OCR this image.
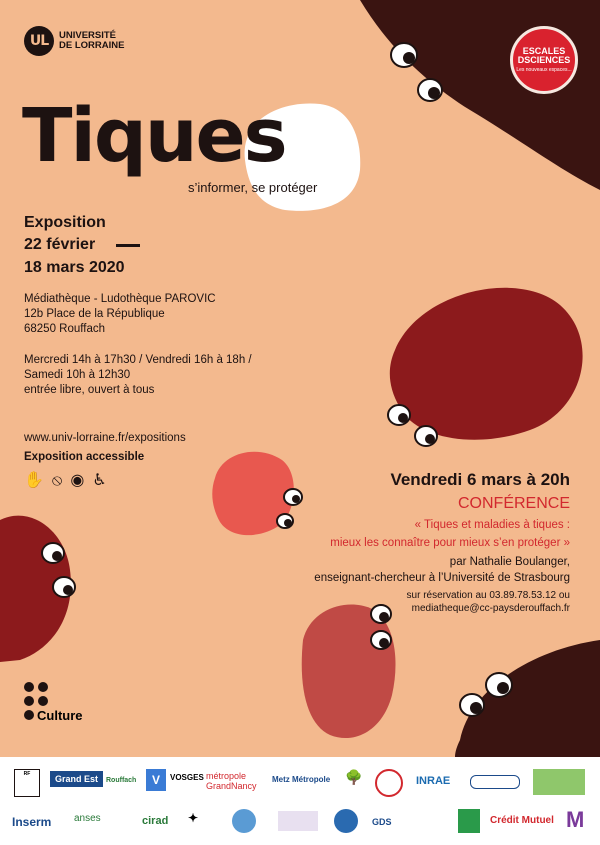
UL	UNIVERSITÉ
DE LORRAINE	ESCALES
DSCIENCES
Les nouveaux espaces...
Tiques

s’informer, se protéger

Exposition

22 février

18 mars 2020

Médiathèque - Ludothèque PAROVIC

12b Place de la République

68250 Rouffach

Mercredi 14h à 17h30 / Vendredi 16h à 18h /

Samedi 10h à 12h30

entrée libre, ouvert à tous

www.univ-lorraine.fr/expositions

Exposition accessible

✋ ⦸ ◉ ♿	Vendredi 6 mars à 20h

CONFÉRENCE

« Tiques et maladies à tiques :

mieux les connaître pour mieux s’en protéger »

par Nathalie Boulanger,

enseignant-chercheur à l’Université de Strasbourg

sur réservation au 03.89.78.53.12 ou

mediatheque@cc-paysderouffach.fr

Culture
RF	Grand Est	Rouffach	V	VOSGES métropole GrandNancy
Metz Métropole 🌳	INRAE
Inserm anses	cirad ✦	GDS	Crédit Mutuel M
